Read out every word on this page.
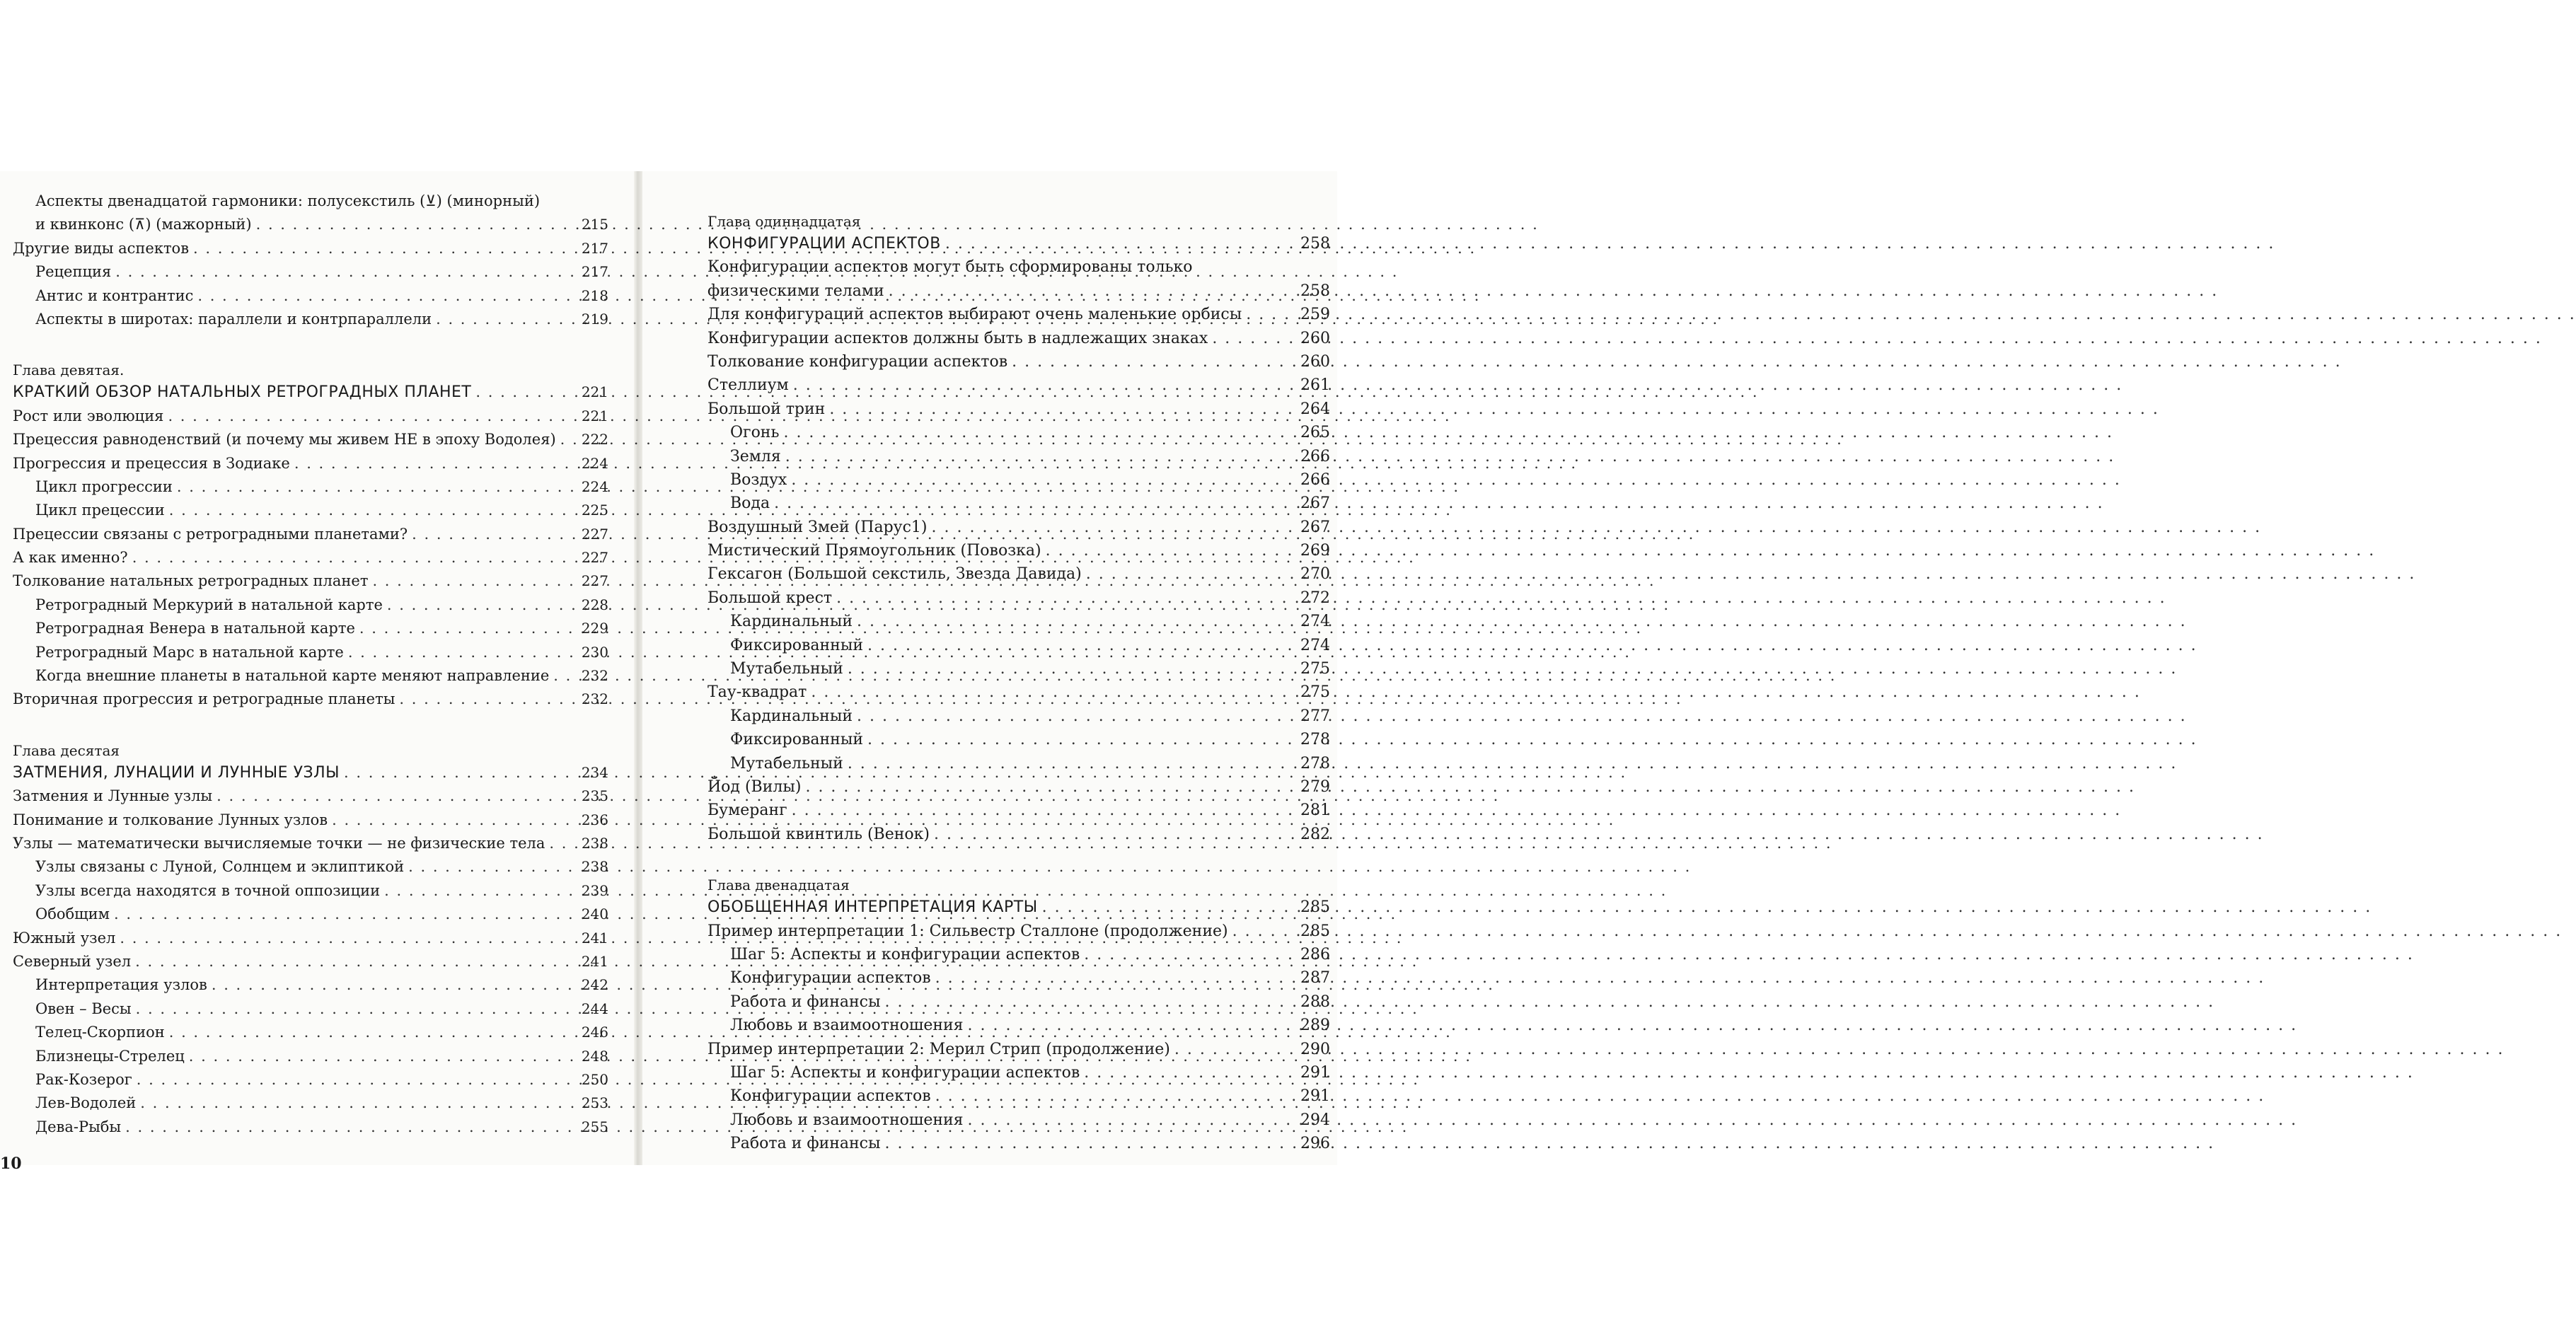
Аспекты двенадцатой гармоники: полусекстиль (⊻) (минорный)
и квинконс (⊼) (мажорный) . . .	215
Другие виды аспектов . . .	217
Рецепция . . .	217
Антис и контрантис . . .	218
Аспекты в широтах: параллели и контрпараллели . . .	219
Глава девятая.
КРАТКИЙ ОБЗОР НАТАЛЬНЫХ РЕТРОГРАДНЫХ ПЛАНЕТ . . .	221
Рост или эволюция . . .	221
Прецессия равноденствий (и почему мы живем НЕ в эпоху Водолея) . . . 222
Прогрессия и прецессия в Зодиаке . . .	224
Цикл прогрессии . . .	224
Цикл прецессии . . .	225
Прецессии связаны с ретроградными планетами? . . .	227
А как именно? . . .	227
Толкование натальных ретроградных планет . . .	227
Ретроградный Меркурий в натальной карте . . .	228
Ретроградная Венера в натальной карте . . .	229
Ретроградный Марс в натальной карте . . .	230
Когда внешние планеты в натальной карте меняют направление . . . 232
Вторичная прогрессия и ретроградные планеты . . .	232
Глава десятая
ЗАТМЕНИЯ, ЛУНАЦИИ И ЛУННЫЕ УЗЛЫ . . .	234
Затмения и Лунные узлы . . .	235
Понимание и толкование Лунных узлов . . .	236
Узлы — математически вычисляемые точки — не физические тела . . .	238
Узлы связаны с Луной, Солнцем и эклиптикой . . .	238
Узлы всегда находятся в точной оппозиции . . .	239
Обобщим . . .	240
Южный узел . . .	241
Северный узел . . .	241
Интерпретация узлов . . .	242
Овен – Весы . . .	244
Телец-Скорпион . . .	246
Близнецы-Стрелец . . .	248
Рак-Козерог . . .	250
Лев-Водолей . . .	253
Дева-Рыбы . . .	255
10
Глава одиннадцатая
КОНФИГУРАЦИИ АСПЕКТОВ . . .	258
Конфигурации аспектов могут быть сформированы только
физическими телами . . .	258
Для конфигураций аспектов выбирают очень маленькие орбисы . . .	259
Конфигурации аспектов должны быть в надлежащих знаках . . .	260
Толкование конфигурации аспектов . . .	260
Стеллиум . . .	261
Большой трин . . .	264
Огонь . . .	265
Земля . . .	266
Воздух . . .	266
Вода . . .	267
Воздушный Змей (Парус1) . . .	267
Мистический Прямоугольник (Повозка) . . .	269
Гексагон (Большой секстиль, Звезда Давида) . . .	270
Большой крест . . .	272
Кардинальный . . .	274
Фиксированный . . .	274
Мутабельный . . .	275
Тау-квадрат . . .	275
Кардинальный . . .	277
Фиксированный . . .	278
Мутабельный . . .	278
Йод (Вилы) . . .	279
Бумеранг . . .	281
Большой квинтиль (Венок) . . .	282
Глава двенадцатая
ОБОБЩЕННАЯ ИНТЕРПРЕТАЦИЯ КАРТЫ . . .	285
Пример интерпретации 1: Сильвестр Сталлоне (продолжение) . . .	285
Шаг 5: Аспекты и конфигурации аспектов . . .	286
Конфигурации аспектов . . .	287
Работа и финансы . . .	288
Любовь и взаимоотношения . . .	289
Пример интерпретации 2: Мерил Стрип (продолжение) . . .	290
Шаг 5: Аспекты и конфигурации аспектов . . .	291
Конфигурации аспектов . . .	291
Любовь и взаимоотношения . . .	294
Работа и финансы . . .	296
